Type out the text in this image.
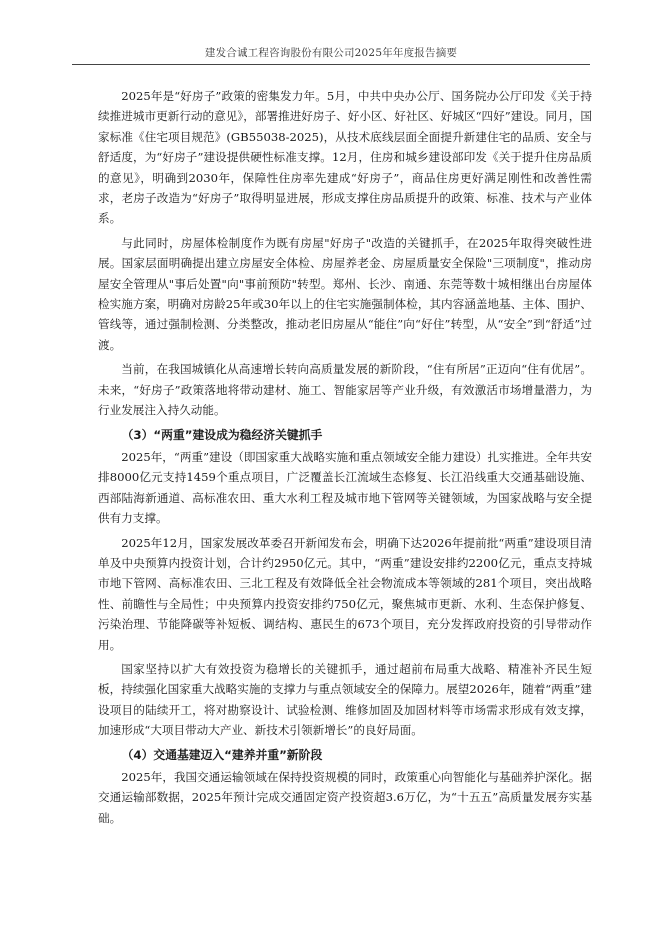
建发合诚工程咨询股份有限公司2025年年度报告摘要

2025年是“好房子”政策的密集发力年。5月，中共中央办公厅、国务院办公厅印发《关于持续推进城市更新行动的意见》，部署推进好房子、好小区、好社区、好城区“四好”建设。同月，国家标准《住宅项目规范》(GB55038-2025)，从技术底线层面全面提升新建住宅的品质、安全与舒适度，为“好房子”建设提供硬性标准支撑。12月，住房和城乡建设部印发《关于提升住房品质的意见》，明确到2030年，保障性住房率先建成“好房子”，商品住房更好满足刚性和改善性需求，老房子改造为“好房子”取得明显进展，形成支撑住房品质提升的政策、标准、技术与产业体系。

与此同时，房屋体检制度作为既有房屋"好房子"改造的关键抓手，在2025年取得突破性进展。国家层面明确提出建立房屋安全体检、房屋养老金、房屋质量安全保险"三项制度"，推动房屋安全管理从"事后处置"向"事前预防"转型。郑州、长沙、南通、东莞等数十城相继出台房屋体检实施方案，明确对房龄25年或30年以上的住宅实施强制体检，其内容涵盖地基、主体、围护、管线等，通过强制检测、分类整改，推动老旧房屋从“能住”向“好住”转型，从“安全”到“舒适”过渡。

当前，在我国城镇化从高速增长转向高质量发展的新阶段，“住有所居”正迈向“住有优居”。未来，“好房子”政策落地将带动建材、施工、智能家居等产业升级，有效激活市场增量潜力，为行业发展注入持久动能。

（3）“两重”建设成为稳经济关键抓手

2025年，“两重”建设（即国家重大战略实施和重点领域安全能力建设）扎实推进。全年共安排8000亿元支持1459个重点项目，广泛覆盖长江流域生态修复、长江沿线重大交通基础设施、西部陆海新通道、高标准农田、重大水利工程及城市地下管网等关键领域，为国家战略与安全提供有力支撑。

2025年12月，国家发展改革委召开新闻发布会，明确下达2026年提前批“两重”建设项目清单及中央预算内投资计划，合计约2950亿元。其中，“两重”建设安排约2200亿元，重点支持城市地下管网、高标准农田、三北工程及有效降低全社会物流成本等领域的281个项目，突出战略性、前瞻性与全局性；中央预算内投资安排约750亿元，聚焦城市更新、水利、生态保护修复、污染治理、节能降碳等补短板、调结构、惠民生的673个项目，充分发挥政府投资的引导带动作用。

国家坚持以扩大有效投资为稳增长的关键抓手，通过超前布局重大战略、精准补齐民生短板，持续强化国家重大战略实施的支撑力与重点领域安全的保障力。展望2026年，随着“两重”建设项目的陆续开工，将对勘察设计、试验检测、维修加固及加固材料等市场需求形成有效支撑，加速形成“大项目带动大产业、新技术引领新增长”的良好局面。

（4）交通基建迈入“建养并重”新阶段

2025年，我国交通运输领域在保持投资规模的同时，政策重心向智能化与基础养护深化。据交通运输部数据，2025年预计完成交通固定资产投资超3.6万亿，为“十五五”高质量发展夯实基础。
